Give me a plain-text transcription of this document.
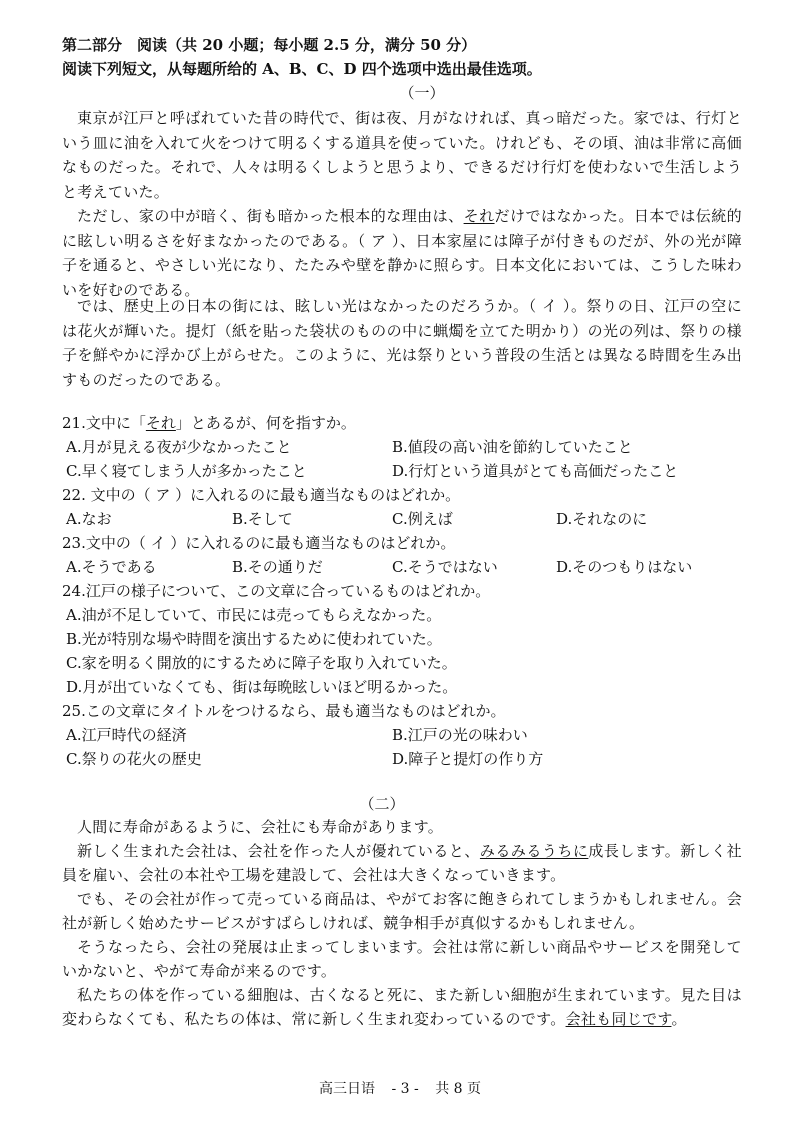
第二部分　阅读（共 20 小题；每小题 2.5 分，满分 50 分）
阅读下列短文，从每题所给的 A、B、C、D 四个选项中选出最佳选项。
（一）
東京が江戸と呼ばれていた昔の時代で、街は夜、月がなければ、真っ暗だった。家では、行灯という皿に油を入れて火をつけて明るくする道具を使っていた。けれども、その頃、油は非常に高価なものだった。それで、人々は明るくしようと思うより、できるだけ行灯を使わないで生活しようと考えていた。
ただし、家の中が暗く、街も暗かった根本的な理由は、それだけではなかった。日本では伝統的に眩しい明るさを好まなかったのである。（ ア ）、日本家屋には障子が付きものだが、外の光が障子を通ると、やさしい光になり、たたみや壁を静かに照らす。日本文化においては、こうした味わいを好むのである。
では、歴史上の日本の街には、眩しい光はなかったのだろうか。（ イ ）。祭りの日、江戸の空には花火が輝いた。提灯（紙を貼った袋状のものの中に蝋燭を立てた明かり）の光の列は、祭りの様子を鮮やかに浮かび上がらせた。このように、光は祭りという普段の生活とは異なる時間を生み出すものだったのである。
21.文中に「それ」とあるが、何を指すか。
A.月が見える夜が少なかったこと	B.値段の高い油を節約していたこと
C.早く寝てしまう人が多かったこと	D.行灯という道具がとても高価だったこと
22. 文中の（ ア ）に入れるのに最も適当なものはどれか。
A.なお	B.そして	C.例えば	D.それなのに
23.文中の（ イ ）に入れるのに最も適当なものはどれか。
A.そうである	B.その通りだ	C.そうではない	D.そのつもりはない
24.江戸の様子について、この文章に合っているものはどれか。
A.油が不足していて、市民には売ってもらえなかった。
B.光が特別な場や時間を演出するために使われていた。
C.家を明るく開放的にするために障子を取り入れていた。
D.月が出ていなくても、街は毎晩眩しいほど明るかった。
25.この文章にタイトルをつけるなら、最も適当なものはどれか。
A.江戸時代の経済	B.江戸の光の味わい
C.祭りの花火の歴史	D.障子と提灯の作り方
（二）
人間に寿命があるように、会社にも寿命があります。
新しく生まれた会社は、会社を作った人が優れていると、みるみるうちに成長します。新しく社員を雇い、会社の本社や工場を建設して、会社は大きくなっていきます。
でも、その会社が作って売っている商品は、やがてお客に飽きられてしまうかもしれません。会社が新しく始めたサービスがすばらしければ、競争相手が真似するかもしれません。
そうなったら、会社の発展は止まってしまいます。会社は常に新しい商品やサービスを開発していかないと、やがて寿命が来るのです。
私たちの体を作っている細胞は、古くなると死に、また新しい細胞が生まれています。見た目は変わらなくても、私たちの体は、常に新しく生まれ変わっているのです。会社も同じです。
高三日语 - 3 - 共 8 页
